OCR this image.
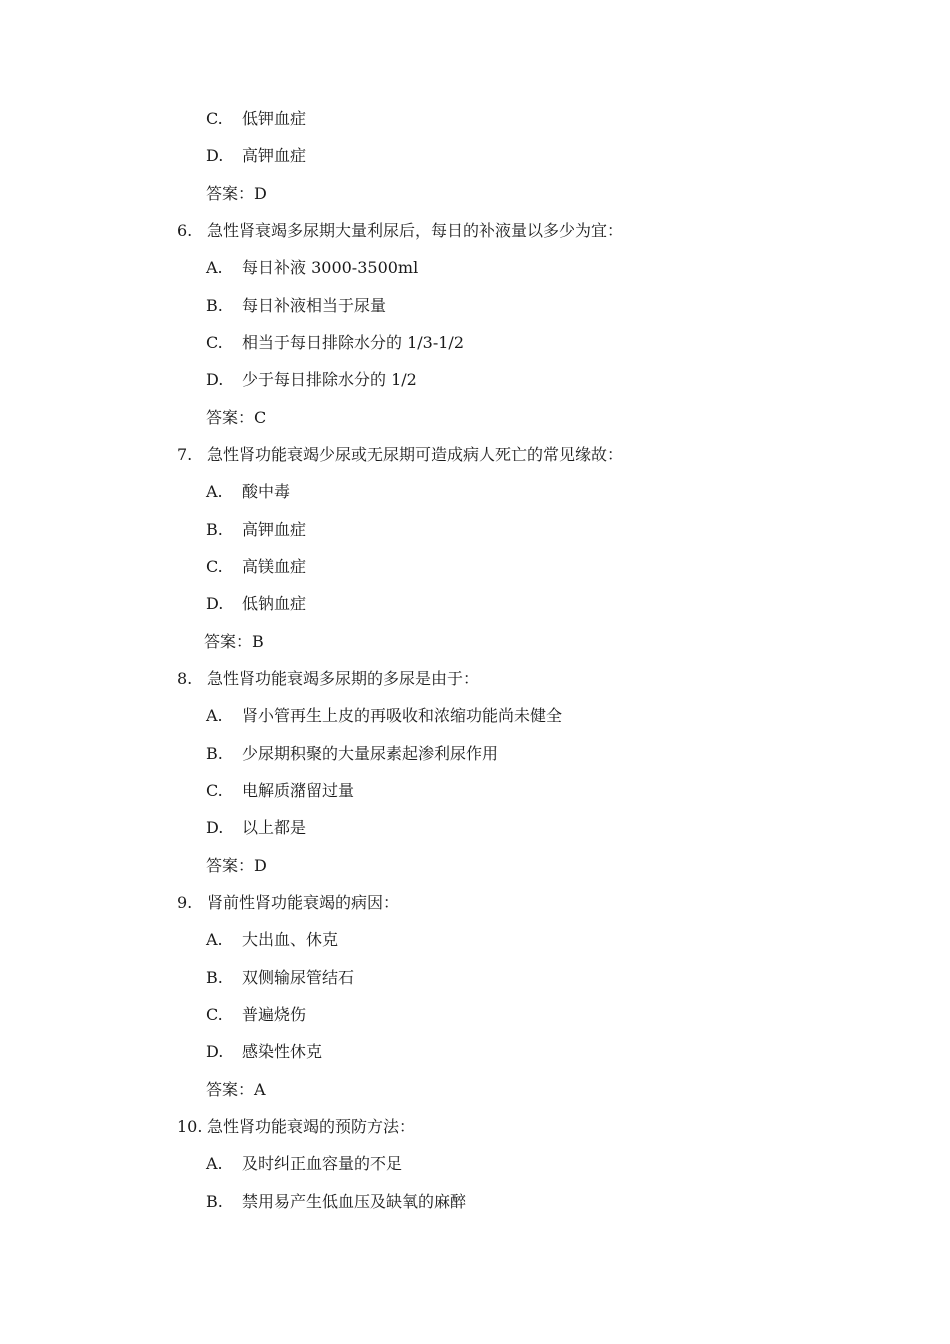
C. 低钾血症
D. 高钾血症
答案：D
6. 急性肾衰竭多尿期大量利尿后，每日的补液量以多少为宜：
A. 每日补液 3000-3500ml
B. 每日补液相当于尿量
C. 相当于每日排除水分的 1/3-1/2
D. 少于每日排除水分的 1/2
答案：C
7. 急性肾功能衰竭少尿或无尿期可造成病人死亡的常见缘故：
A. 酸中毒
B. 高钾血症
C. 高镁血症
D. 低钠血症
答案：B
8. 急性肾功能衰竭多尿期的多尿是由于：
A. 肾小管再生上皮的再吸收和浓缩功能尚未健全
B. 少尿期积聚的大量尿素起渗利尿作用
C. 电解质潴留过量
D. 以上都是
答案：D
9. 肾前性肾功能衰竭的病因：
A. 大出血、休克
B. 双侧输尿管结石
C. 普遍烧伤
D. 感染性休克
答案：A
10. 急性肾功能衰竭的预防方法：
A. 及时纠正血容量的不足
B. 禁用易产生低血压及缺氧的麻醉
